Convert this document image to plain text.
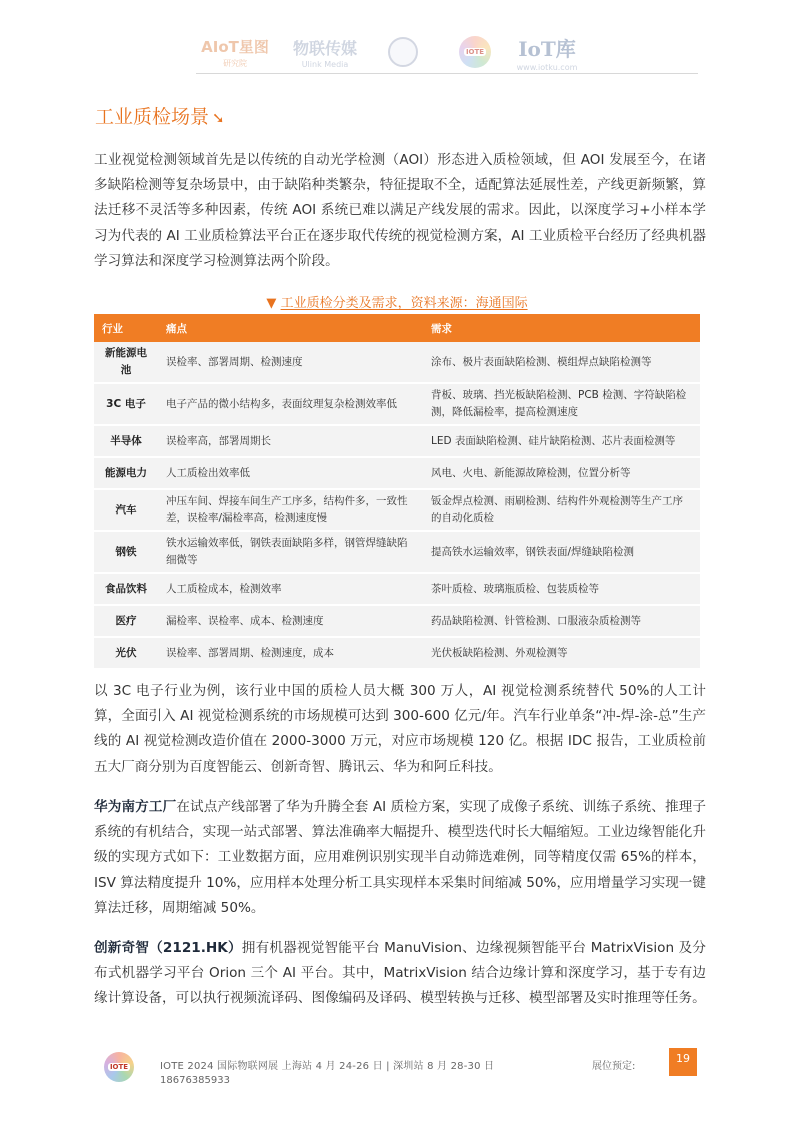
AIoT星图
研究院
物联传媒
Ulink Media
IOTE IoT库
www.iotku.com
工业质检场景 ➘
工业视觉检测领域首先是以传统的自动光学检测（AOI）形态进入质检领域，但 AOI 发展至今，在诸多缺陷检测等复杂场景中，由于缺陷种类繁杂，特征提取不全，适配算法延展性差，产线更新频繁，算法迁移不灵活等多种因素，传统 AOI 系统已难以满足产线发展的需求。因此，以深度学习+小样本学习为代表的 AI 工业质检算法平台正在逐步取代传统的视觉检测方案，AI 工业质检平台经历了经典机器学习算法和深度学习检测算法两个阶段。
▼ 工业质检分类及需求，资料来源：海通国际
行业	痛点	需求
新能源电池	误检率、部署周期、检测速度	涂布、极片表面缺陷检测、模组焊点缺陷检测等
3C 电子	电子产品的微小结构多，表面纹理复杂检测效率低	背板、玻璃、挡光板缺陷检测、PCB 检测、字符缺陷检测，降低漏检率，提高检测速度
半导体	误检率高，部署周期长	LED 表面缺陷检测、硅片缺陷检测、芯片表面检测等
能源电力	人工质检出效率低	风电、火电、新能源故障检测，位置分析等
汽车	冲压车间、焊接车间生产工序多，结构件多，一致性差，误检率/漏检率高，检测速度慢	钣金焊点检测、雨刷检测、结构件外观检测等生产工序的自动化质检
钢铁	铁水运输效率低，钢铁表面缺陷多样，钢管焊缝缺陷细微等	提高铁水运输效率，钢铁表面/焊缝缺陷检测
食品饮料	人工质检成本，检测效率	茶叶质检、玻璃瓶质检、包装质检等
医疗	漏检率、误检率、成本、检测速度	药品缺陷检测、针管检测、口服液杂质检测等
光伏	误检率、部署周期、检测速度，成本	光伏板缺陷检测、外观检测等
以 3C 电子行业为例，该行业中国的质检人员大概 300 万人，AI 视觉检测系统替代 50%的人工计算，全面引入 AI 视觉检测系统的市场规模可达到 300-600 亿元/年。汽车行业单条“冲-焊-涂-总”生产线的 AI 视觉检测改造价值在 2000-3000 万元，对应市场规模 120 亿。根据 IDC 报告，工业质检前五大厂商分别为百度智能云、创新奇智、腾讯云、华为和阿丘科技。
华为南方工厂在试点产线部署了华为升腾全套 AI 质检方案，实现了成像子系统、训练子系统、推理子系统的有机结合，实现一站式部署、算法准确率大幅提升、模型迭代时长大幅缩短。工业边缘智能化升级的实现方式如下：工业数据方面，应用难例识别实现半自动筛选难例，同等精度仅需 65%的样本，ISV 算法精度提升 10%，应用样本处理分析工具实现样本采集时间缩减 50%，应用增量学习实现一键算法迁移，周期缩减 50%。
创新奇智（2121.HK）拥有机器视觉智能平台 ManuVision、边缘视频智能平台 MatrixVision 及分布式机器学习平台 Orion 三个 AI 平台。其中，MatrixVision 结合边缘计算和深度学习，基于专有边缘计算设备，可以执行视频流译码、图像编码及译码、模型转换与迁移、模型部署及实时推理等任务。
IOTE	IOTE 2024 国际物联网展 上海站 4 月 24-26 日 | 深圳站 8 月 28-30 日
18676385933
展位预定:
19
